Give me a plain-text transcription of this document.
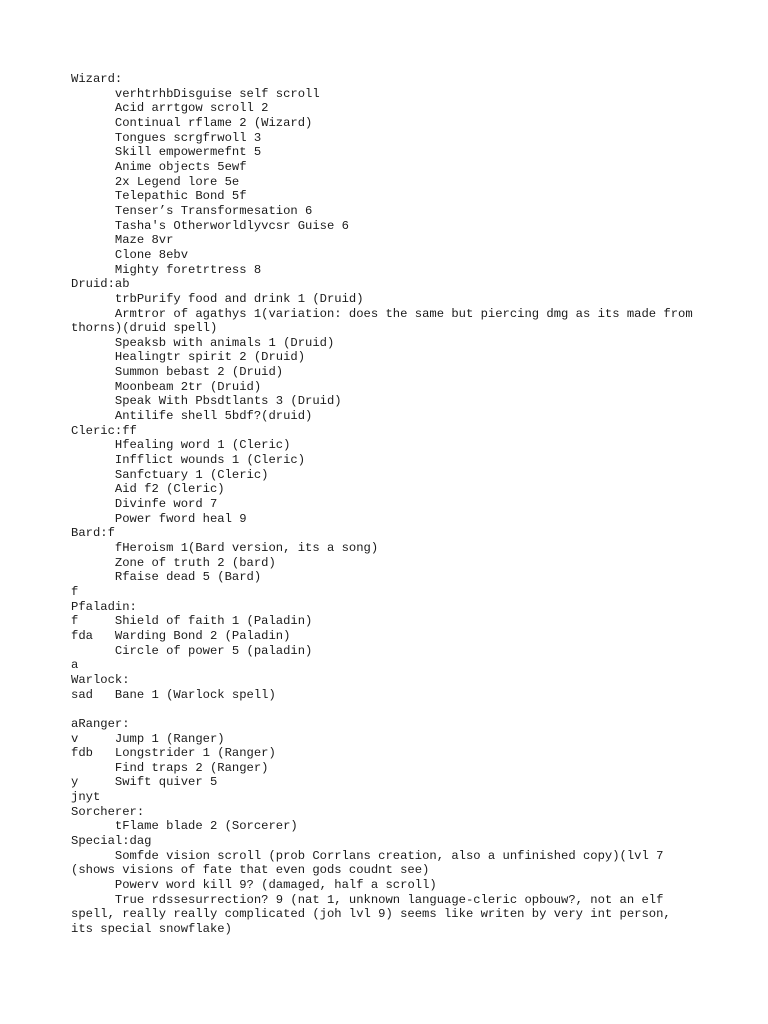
Wizard:
	verhtrhbDisguise self scroll
	Acid arrtgow scroll 2
	Continual rflame 2 (Wizard)
	Tongues scrgfrwoll 3
	Skill empowermefnt 5
	Anime objects 5ewf
	2x Legend lore 5e
	Telepathic Bond 5f
	Tenser’s Transformesation 6
	Tasha's Otherworldlyvcsr Guise 6
	Maze 8vr
	Clone 8ebv
	Mighty foretrtress 8
Druid:ab
	trbPurify food and drink 1 (Druid)
	Armtror of agathys 1(variation: does the same but piercing dmg as its made from thorns)(druid spell)
	Speaksb with animals 1 (Druid)
	Healingtr spirit 2 (Druid)
	Summon bebast 2 (Druid)
	Moonbeam 2tr (Druid)
	Speak With Pbsdtlants 3 (Druid)
	Antilife shell 5bdf?(druid)
Cleric:ff
	Hfealing word 1 (Cleric)
	Infflict wounds 1 (Cleric)
	Sanfctuary 1 (Cleric)
	Aid f2 (Cleric)
	Divinfe word 7
	Power fword heal 9
Bard:f
	fHeroism 1(Bard version, its a song)
	Zone of truth 2 (bard)
	Rfaise dead 5 (Bard)
f
Pfaladin:
f	Shield of faith 1 (Paladin)
fda	Warding Bond 2 (Paladin)
	Circle of power 5 (paladin)
a
Warlock:
sad	Bane 1 (Warlock spell)
aRanger:
v	Jump 1 (Ranger)
fdb	Longstrider 1 (Ranger)
	Find traps 2 (Ranger)
y	Swift quiver 5
jnyt
Sorcherer:
	tFlame blade 2 (Sorcerer)
Special:dag
	Somfde vision scroll (prob Corrlans creation, also a unfinished copy)(lvl 7 (shows visions of fate that even gods coudnt see)
	Powerv word kill 9? (damaged, half a scroll)
	True rdssesurrection? 9 (nat 1, unknown language-cleric opbouw?, not an elf spell, really really complicated (joh lvl 9) seems like writen by very int person, its special snowflake)
